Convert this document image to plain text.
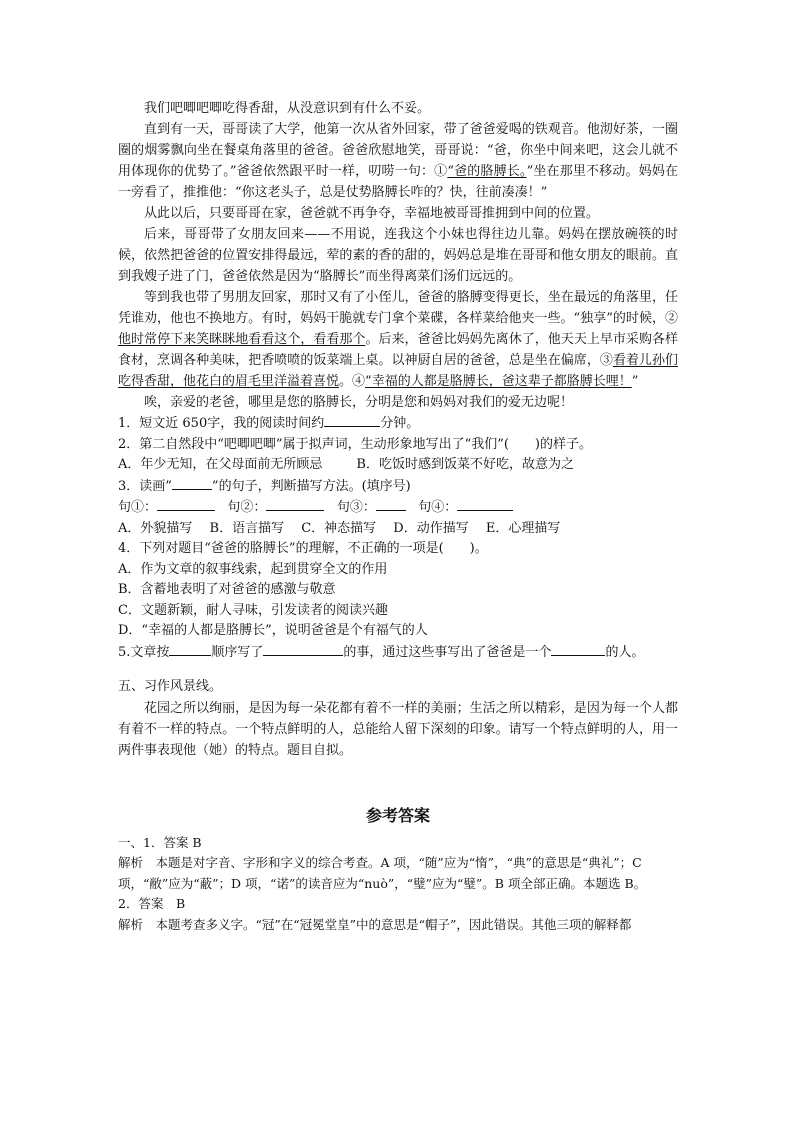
我们吧唧吧唧吃得香甜，从没意识到有什么不妥。

直到有一天，哥哥读了大学，他第一次从省外回家，带了爸爸爱喝的铁观音。他沏好茶，一圈圈的烟雾飘向坐在餐桌角落里的爸爸。爸爸欣慰地笑，哥哥说：“爸，你坐中间来吧，这会儿就不用体现你的优势了。”爸爸依然跟平时一样，叨唠一句：①“爸的胳膊长。”坐在那里不移动。妈妈在一旁看了，推推他：“你这老头子，总是仗势胳膊长咋的？快，往前凑凑！”

从此以后，只要哥哥在家，爸爸就不再争夺，幸福地被哥哥推拥到中间的位置。

后来，哥哥带了女朋友回来——不用说，连我这个小妹也得往边儿靠。妈妈在摆放碗筷的时候，依然把爸爸的位置安排得最远，荤的素的香的甜的，妈妈总是堆在哥哥和他女朋友的眼前。直到我嫂子进了门，爸爸依然是因为“胳膊长”而坐得离菜们汤们远远的。

等到我也带了男朋友回家，那时又有了小侄儿，爸爸的胳膊变得更长，坐在最远的角落里，任凭谁劝，他也不换地方。有时，妈妈干脆就专门拿个菜碟，各样菜给他夹一些。“独享”的时候，②他时常停下来笑眯眯地看看这个，看看那个。后来，爸爸比妈妈先离休了，他天天上早市采购各样食材，烹调各种美味，把香喷喷的饭菜端上桌。以神厨自居的爸爸，总是坐在偏席，③看着儿孙们吃得香甜，他花白的眉毛里洋溢着喜悦。④“幸福的人都是胳膊长，爸这辈子都胳膊长哩！”

唉，亲爱的老爸，哪里是您的胳膊长，分明是您和妈妈对我们的爱无边呢！

1．短文近 650字，我的阅读时间约	分钟。

2．第二自然段中“吧唧吧唧”属于拟声词，生动形象地写出了“我们”(　　)的样子。

A．年少无知，在父母面前无所顾忌	B．吃饭时感到饭菜不好吃，故意为之

3．读画”	”的句子，判断描写方法。(填序号)

句①：	句②：	句③：	句④：

A．外貌描写　 B．语言描写　 C．神态描写　 D．动作描写　 E．心理描写

4．下列对题目“爸爸的胳膊长”的理解，不正确的一项是(　　)。

A．作为文章的叙事线索，起到贯穿全文的作用

B．含蓄地表明了对爸爸的感激与敬意

C．文题新颖，耐人寻味，引发读者的阅读兴趣

D．“幸福的人都是胳膊长”，说明爸爸是个有福气的人

5.文章按	顺序写了	的事，通过这些事写出了爸爸是一个	的人。

五、习作风景线。

花园之所以绚丽，是因为每一朵花都有着不一样的美丽；生活之所以精彩，是因为每一个人都有着不一样的特点。一个特点鲜明的人，总能给人留下深刻的印象。请写一个特点鲜明的人，用一两件事表现他（她）的特点。题目自拟。

参考答案

一、1．答案 B

解析　本题是对字音、字形和字义的综合考查。A 项，“随”应为“惰”，“典”的意思是“典礼”；C 项，“敝”应为“蔽”；D 项，“诺”的读音应为“nuò”，“璧”应为“璧”。B 项全部正确。本题选 B。

2．答案　B

解析　本题考查多义字。“冠”在“冠冕堂皇”中的意思是“帽子”，因此错误。其他三项的解释都
